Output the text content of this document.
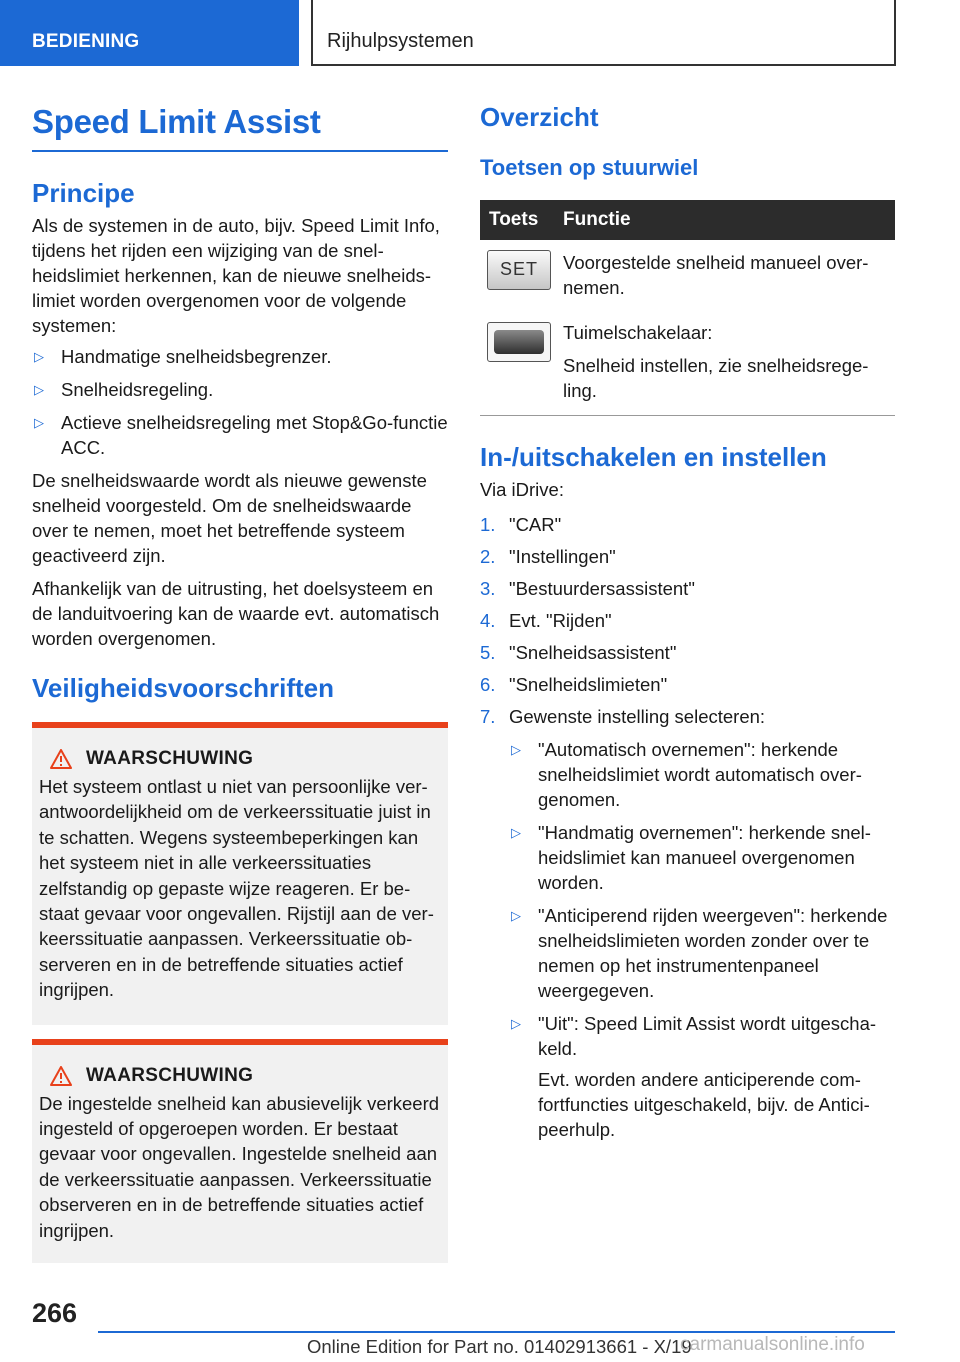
BEDIENING	Rijhulpsystemen
Speed Limit Assist
Principe

Als de systemen in de auto, bijv. Speed Limit Info, tijdens het rijden een wijziging van de snelheidslimiet herkennen, kan de nieuwe snelheidslimiet worden overgenomen voor de volgende systemen:

▷ Handmatige snelheidsbegrenzer.
▷ Snelheidsregeling.
▷ Actieve snelheidsregeling met Stop&Go-functie ACC.

De snelheidswaarde wordt als nieuwe gewenste snelheid voorgesteld. Om de snelheidswaarde over te nemen, moet het betreffende systeem geactiveerd zijn.

Afhankelijk van de uitrusting, het doelsysteem en de landuitvoering kan de waarde evt. automatisch worden overgenomen.

Veiligheidsvoorschriften
WAARSCHUWING

Het systeem ontlast u niet van persoonlijke verantwoordelijkheid om de verkeerssituatie juist in te schatten. Wegens systeembeperkingen kan het systeem niet in alle verkeerssituaties zelfstandig op gepaste wijze reageren. Er bestaat gevaar voor ongevallen. Rijstijl aan de verkeerssituatie aanpassen. Verkeerssituatie observeren en in de betreffende situaties actief ingrijpen.

WAARSCHUWING

De ingestelde snelheid kan abusievelijk verkeerd ingesteld of opgeroepen worden. Er bestaat gevaar voor ongevallen. Ingestelde snelheid aan de verkeerssituatie aanpassen. Verkeerssituatie observeren en in de betreffende situaties actief ingrijpen.

Overzicht
Toetsen op stuurwiel
Toets	Functie

SET	Voorgestelde snelheid manueel overnemen.

	Tuimelschakelaar:

Snelheid instellen, zie snelheidsregeling.

In-/uitschakelen en instellen

Via iDrive:

1. "CAR"
2. "Instellingen"
3. "Bestuurdersassistent"
4. Evt. "Rijden"
5. "Snelheidsassistent"
6. "Snelheidslimieten"
7. Gewenste instelling selecteren:
▷ "Automatisch overnemen": herkende snelheidslimiet wordt automatisch overgenomen.
▷ "Handmatig overnemen": herkende snelheidslimiet kan manueel overgenomen worden.
▷ "Anticiperend rijden weergeven": herkende snelheidslimieten worden zonder over te nemen op het instrumentenpaneel weergegeven.
▷ "Uit": Speed Limit Assist wordt uitgeschakeld.

Evt. worden andere anticiperende comfortfuncties uitgeschakeld, bijv. de Anticipeerhulp.

266
Online Edition for Part no. 01402913661 - X/19
carmanualsonline.info
